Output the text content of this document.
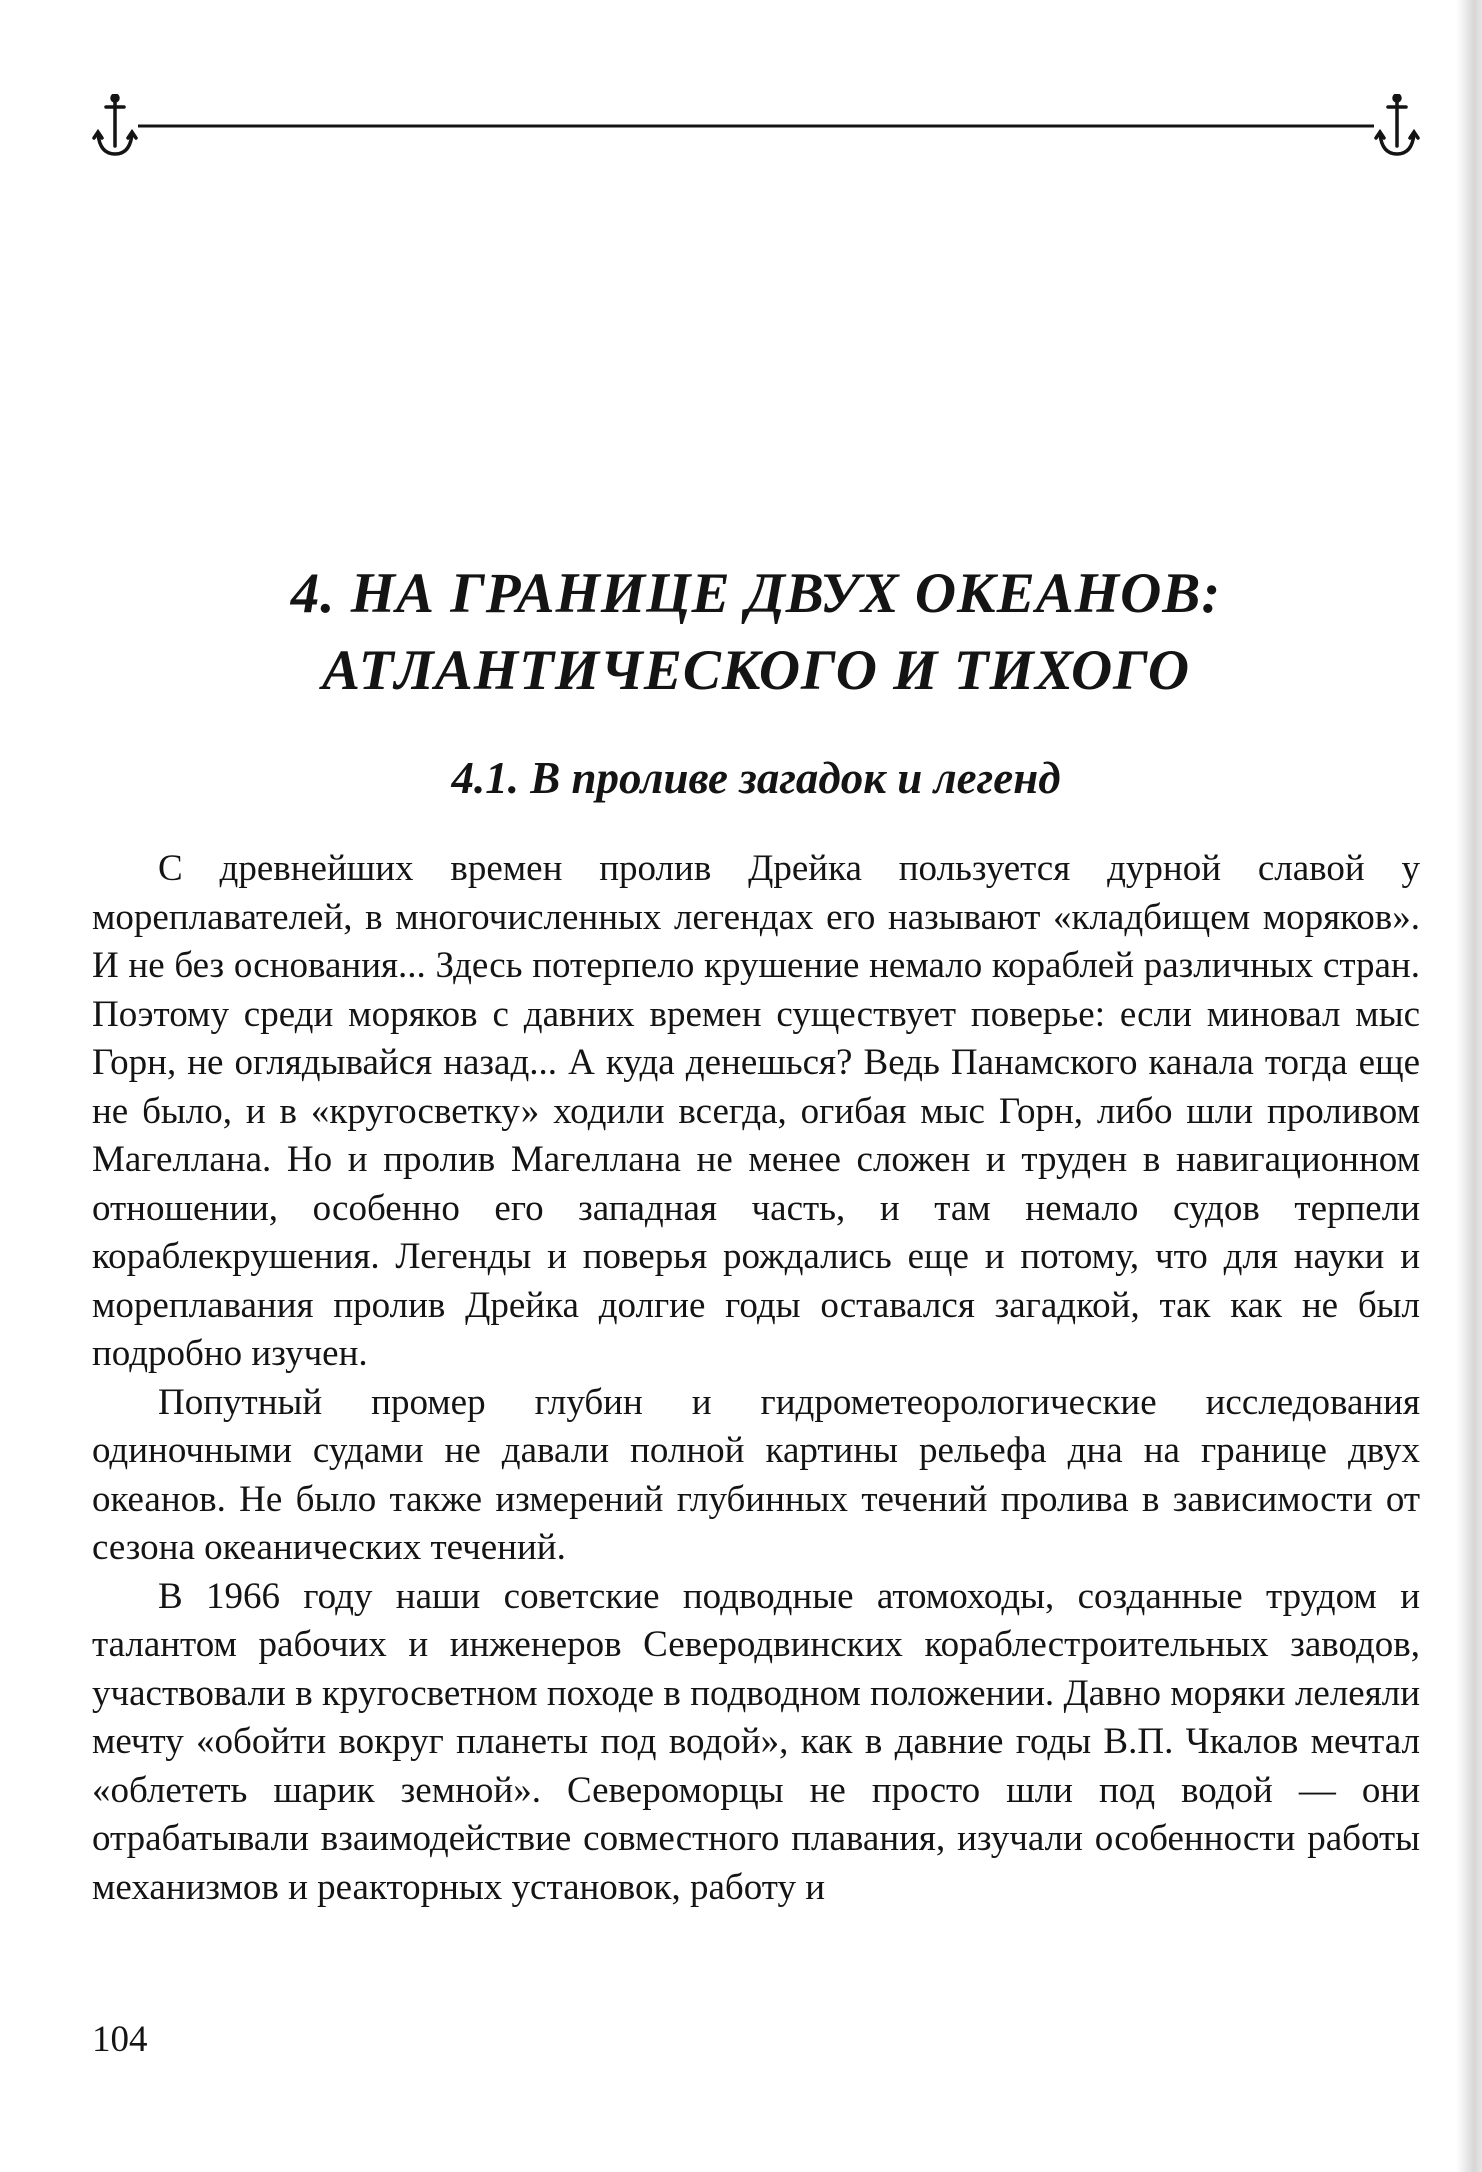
4. НА ГРАНИЦЕ ДВУХ ОКЕАНОВ:
АТЛАНТИЧЕСКОГО И ТИХОГО
4.1. В проливе загадок и легенд

С древнейших времен пролив Дрейка пользуется дурной славой у мореплавателей, в многочисленных легендах его называют «кладбищем моряков». И не без основания... Здесь потерпело крушение немало кораблей различных стран. Поэтому среди моряков с давних времен существует поверье: если миновал мыс Горн, не оглядывайся назад... А куда денешься? Ведь Панамского канала тогда еще не было, и в «кругосветку» ходили всегда, огибая мыс Горн, либо шли проливом Магеллана. Но и пролив Магеллана не менее сложен и труден в навигационном отношении, особенно его западная часть, и там немало судов терпели кораблекрушения. Легенды и поверья рождались еще и потому, что для науки и мореплавания пролив Дрейка долгие годы оставался загадкой, так как не был подробно изучен.

Попутный промер глубин и гидрометеорологические исследования одиночными судами не давали полной картины рельефа дна на границе двух океанов. Не было также измерений глубинных течений пролива в зависимости от сезона океанических течений.

В 1966 году наши советские подводные атомоходы, созданные трудом и талантом рабочих и инженеров Северодвинских кораблестроительных заводов, участвовали в кругосветном походе в подводном положении. Давно моряки лелеяли мечту «обойти вокруг планеты под водой», как в давние годы В.П. Чкалов мечтал «облететь шарик земной». Североморцы не просто шли под водой — они отрабатывали взаимодействие совместного плавания, изучали особенности работы механизмов и реакторных установок, работу и

104
